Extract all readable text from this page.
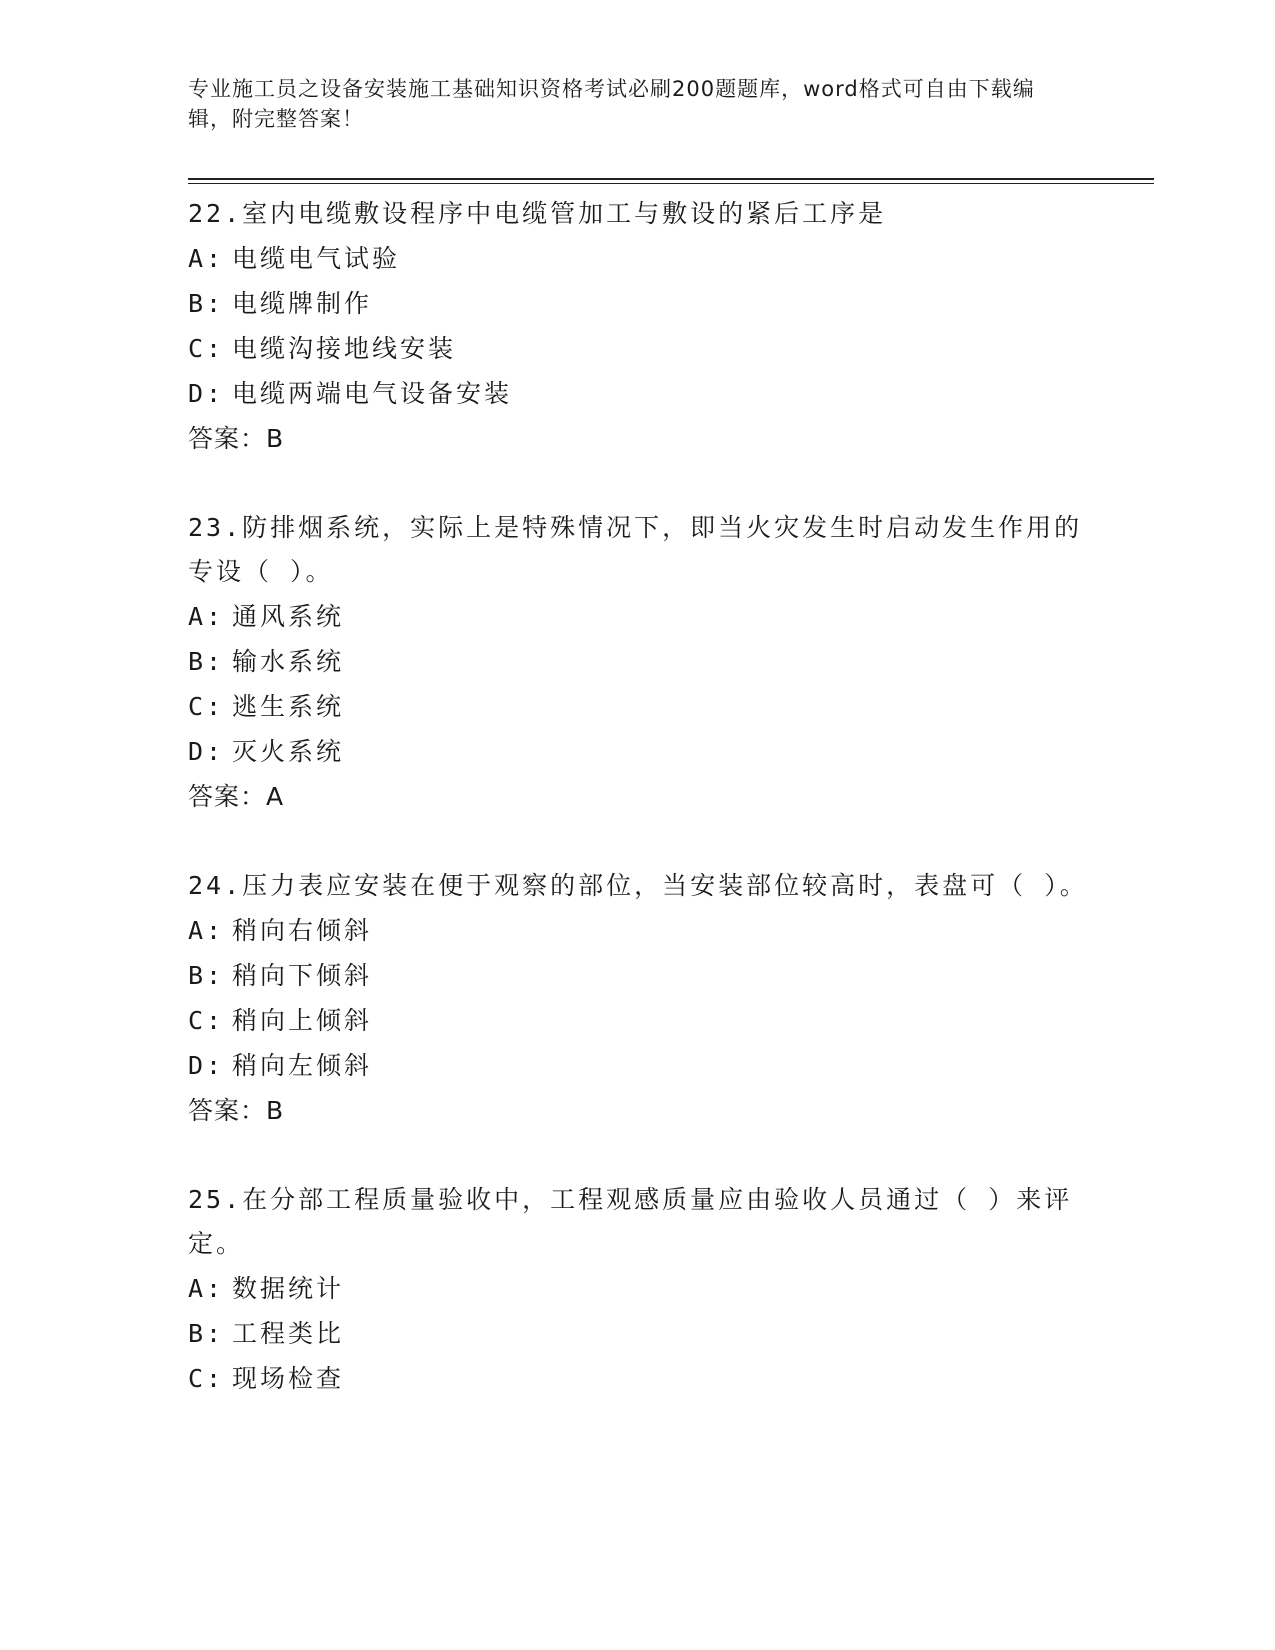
专业施工员之设备安装施工基础知识资格考试必刷200题题库，word格式可自由下载编辑，附完整答案！
22.室内电缆敷设程序中电缆管加工与敷设的紧后工序是
A: 电缆电气试验
B: 电缆牌制作
C: 电缆沟接地线安装
D: 电缆两端电气设备安装
答案：B
23.防排烟系统，实际上是特殊情况下，即当火灾发生时启动发生作用的专设（ ）。
A: 通风系统
B: 输水系统
C: 逃生系统
D: 灭火系统
答案：A
24.压力表应安装在便于观察的部位，当安装部位较高时，表盘可（ ）。
A: 稍向右倾斜
B: 稍向下倾斜
C: 稍向上倾斜
D: 稍向左倾斜
答案：B
25.在分部工程质量验收中，工程观感质量应由验收人员通过（ ）来评定。
A: 数据统计
B: 工程类比
C: 现场检查
